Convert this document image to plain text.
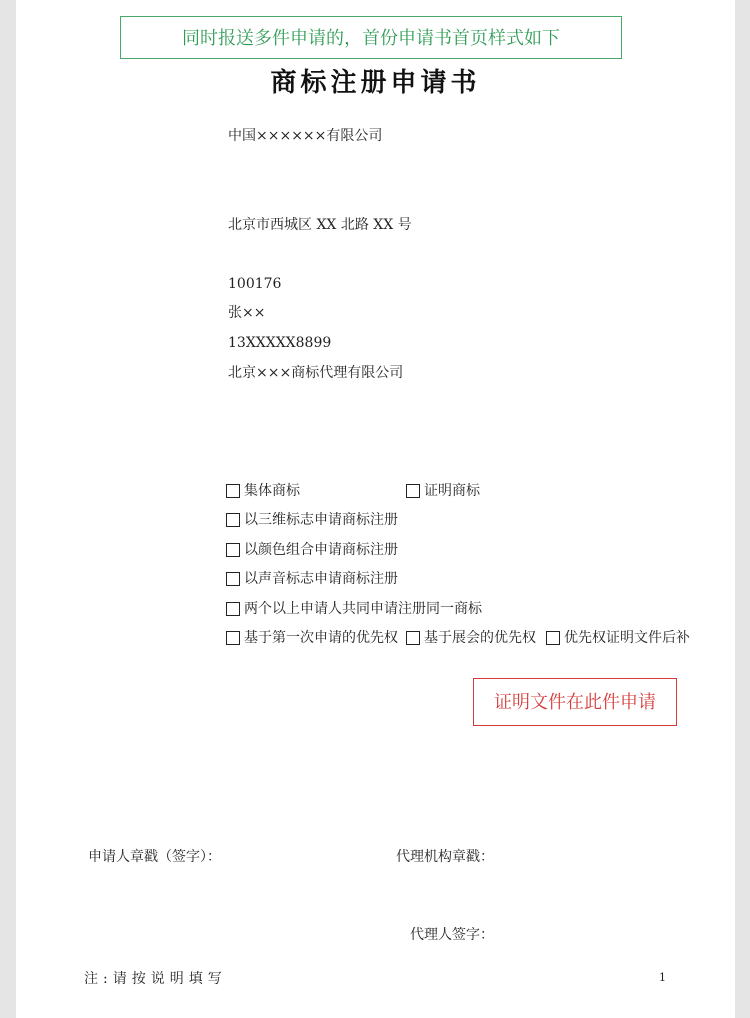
同时报送多件申请的，首份申请书首页样式如下
商标注册申请书
中国××××××有限公司
北京市西城区 XX 北路 XX 号
100176
张××
13XXXXX8899
北京×××商标代理有限公司
集体商标	证明商标
以三维标志申请商标注册
以颜色组合申请商标注册
以声音标志申请商标注册
两个以上申请人共同申请注册同一商标
基于第一次申请的优先权 基于展会的优先权 优先权证明文件后补
证明文件在此件申请
申请人章戳（签字）：	代理机构章戳：
代理人签字：
注:请按说明填写	1
